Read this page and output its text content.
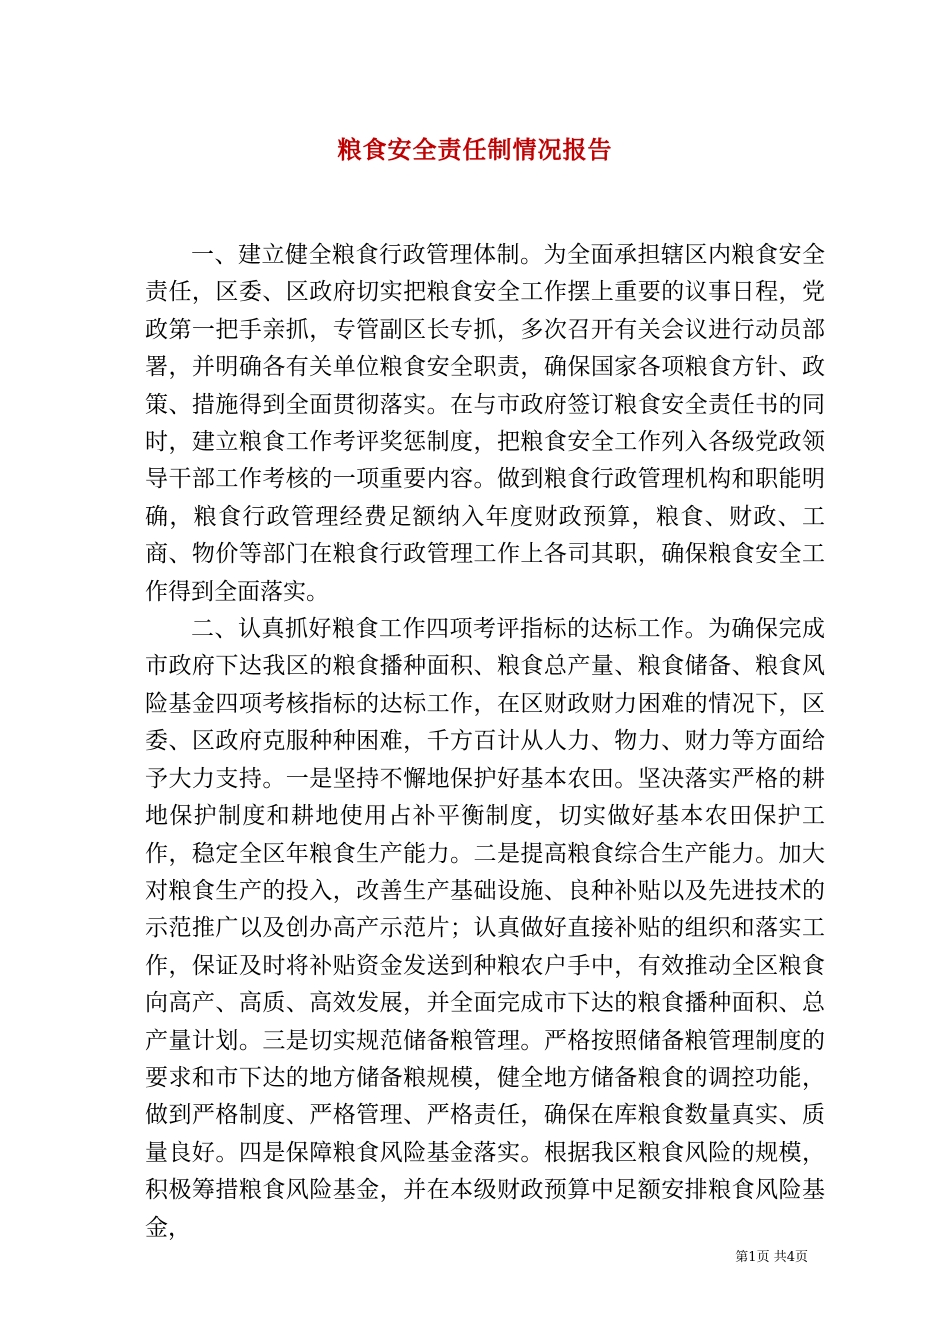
粮食安全责任制情况报告

一、建立健全粮食行政管理体制。为全面承担辖区内粮食安全责任，区委、区政府切实把粮食安全工作摆上重要的议事日程，党政第一把手亲抓，专管副区长专抓，多次召开有关会议进行动员部署，并明确各有关单位粮食安全职责，确保国家各项粮食方针、政策、措施得到全面贯彻落实。在与市政府签订粮食安全责任书的同时，建立粮食工作考评奖惩制度，把粮食安全工作列入各级党政领导干部工作考核的一项重要内容。做到粮食行政管理机构和职能明确，粮食行政管理经费足额纳入年度财政预算，粮食、财政、工商、物价等部门在粮食行政管理工作上各司其职，确保粮食安全工作得到全面落实。

二、认真抓好粮食工作四项考评指标的达标工作。为确保完成市政府下达我区的粮食播种面积、粮食总产量、粮食储备、粮食风险基金四项考核指标的达标工作，在区财政财力困难的情况下，区委、区政府克服种种困难，千方百计从人力、物力、财力等方面给予大力支持。一是坚持不懈地保护好基本农田。坚决落实严格的耕地保护制度和耕地使用占补平衡制度，切实做好基本农田保护工作，稳定全区年粮食生产能力。二是提高粮食综合生产能力。加大对粮食生产的投入，改善生产基础设施、良种补贴以及先进技术的示范推广以及创办高产示范片；认真做好直接补贴的组织和落实工作，保证及时将补贴资金发送到种粮农户手中，有效推动全区粮食向高产、高质、高效发展，并全面完成市下达的粮食播种面积、总产量计划。三是切实规范储备粮管理。严格按照储备粮管理制度的要求和市下达的地方储备粮规模，健全地方储备粮食的调控功能，做到严格制度、严格管理、严格责任，确保在库粮食数量真实、质量良好。四是保障粮食风险基金落实。根据我区粮食风险的规模，积极筹措粮食风险基金，并在本级财政预算中足额安排粮食风险基金，

第1页 共4页
